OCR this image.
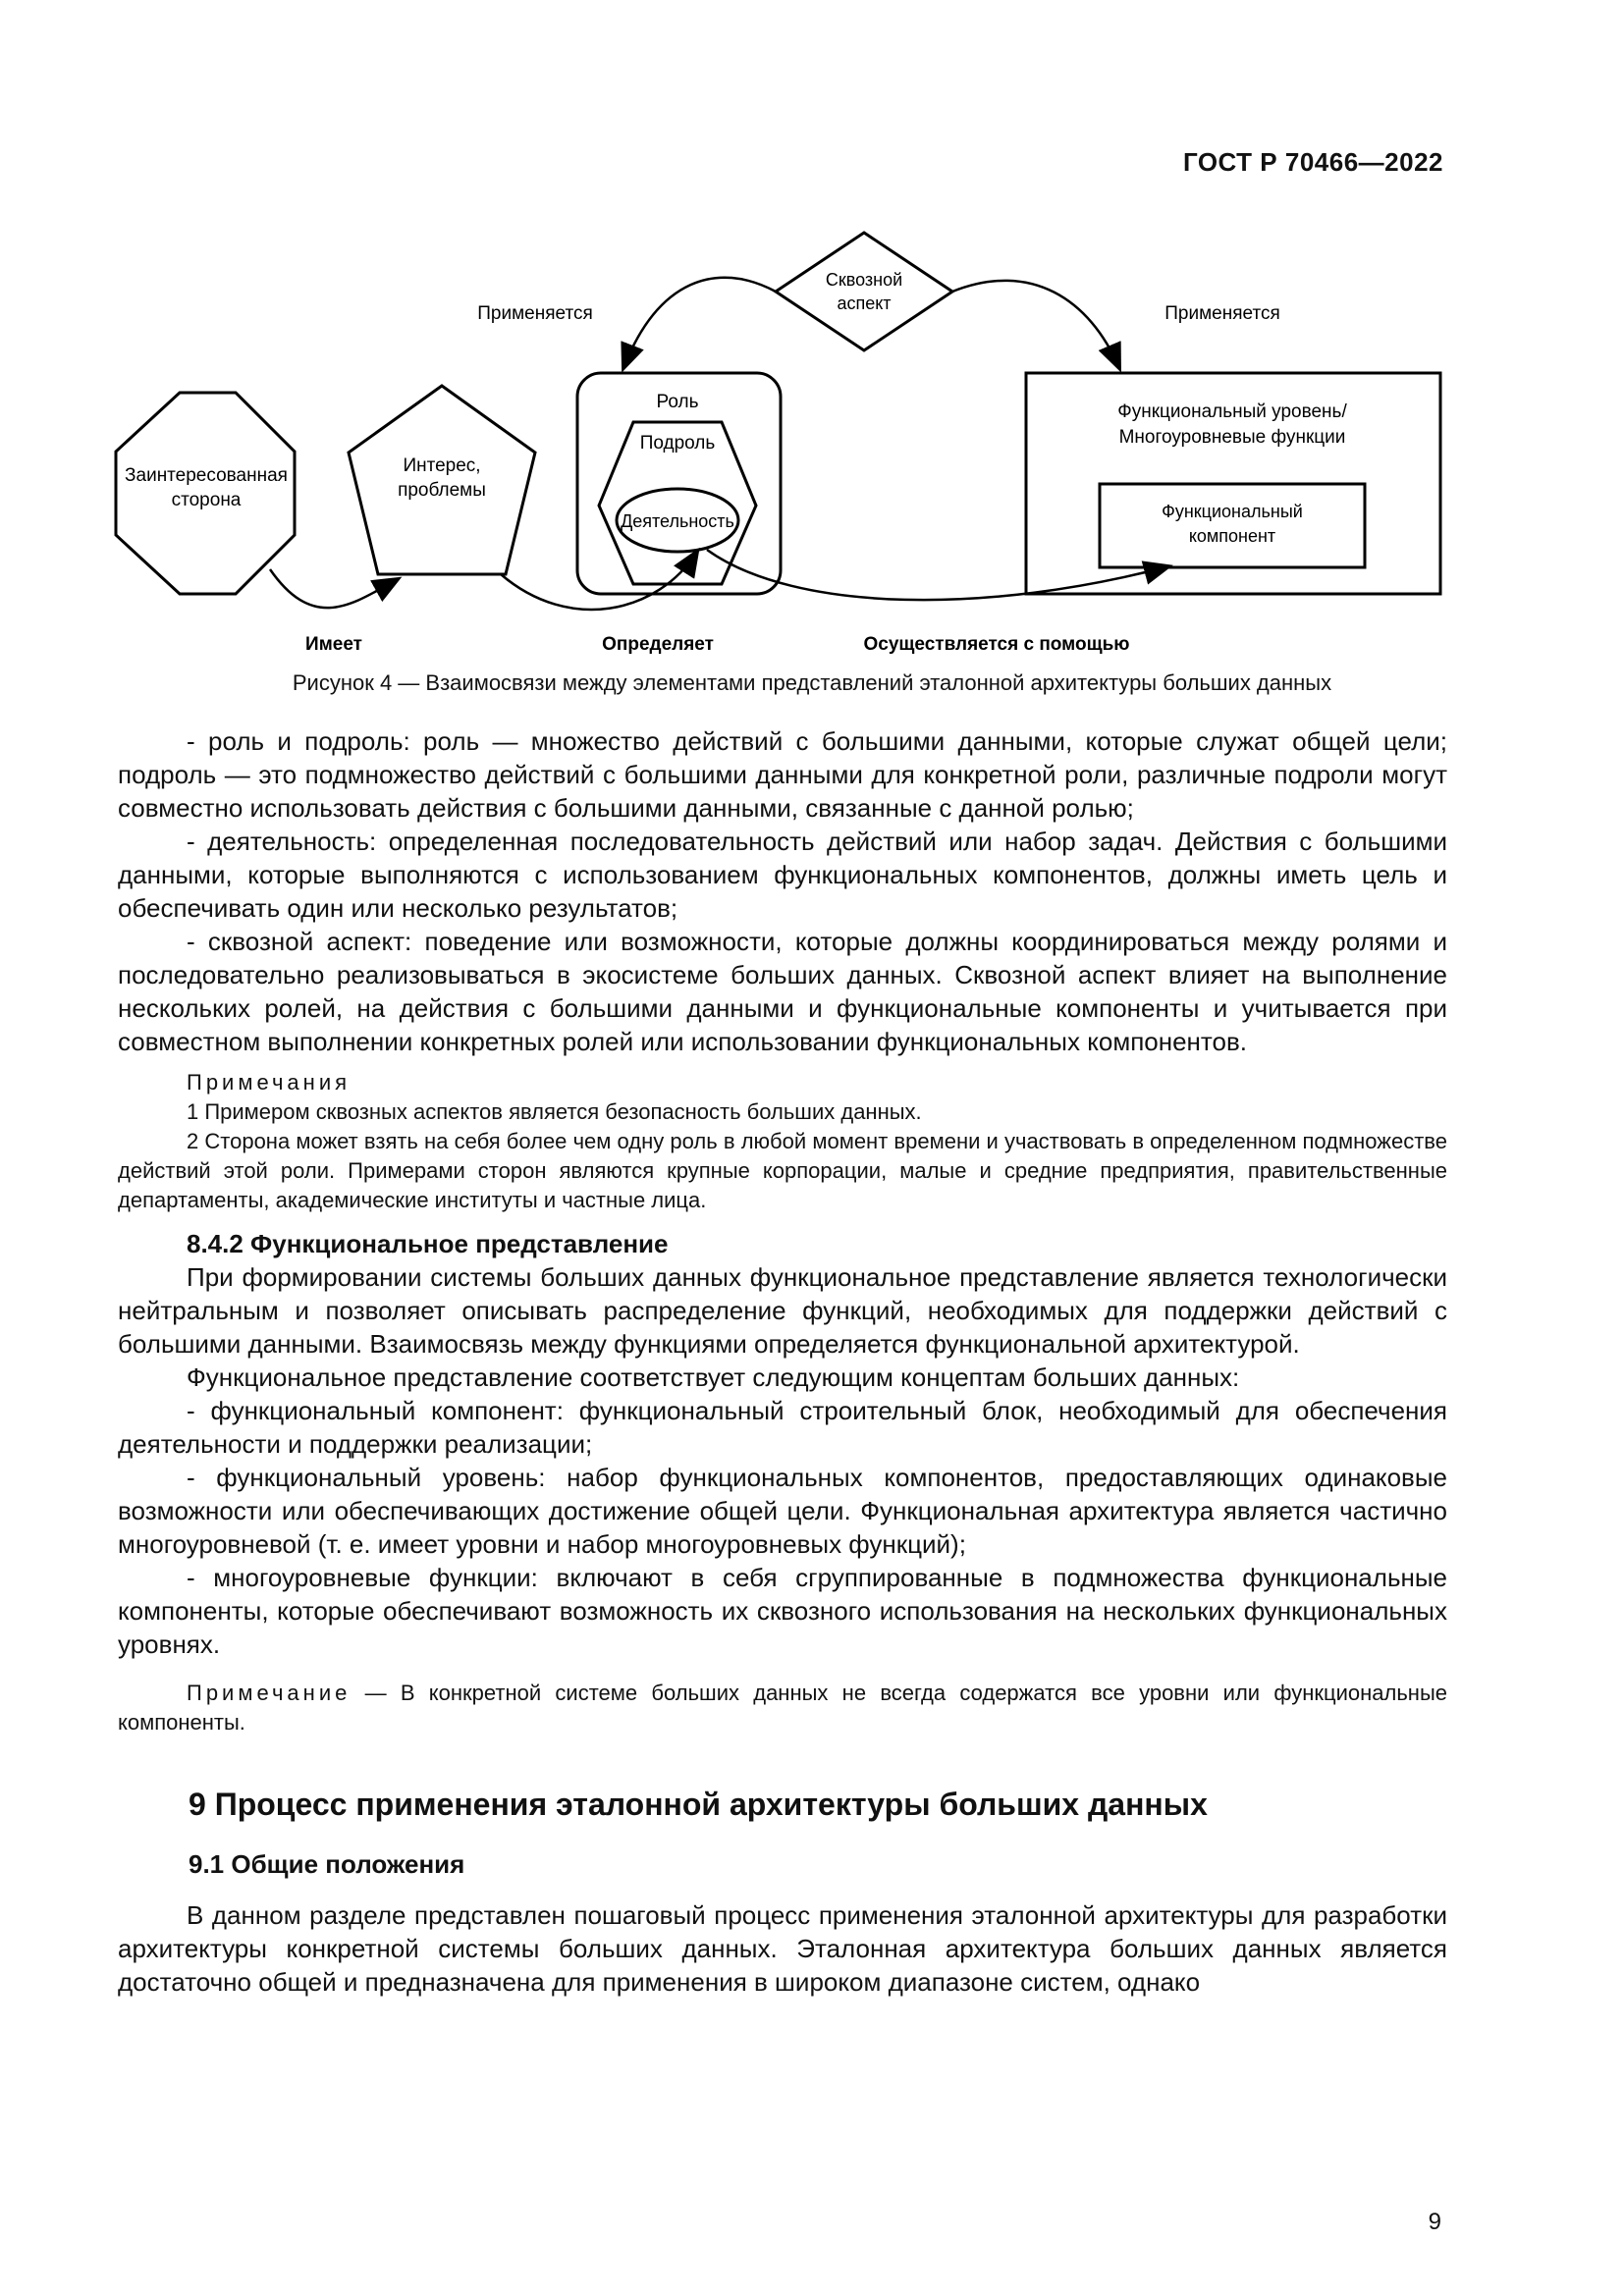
ГОСТ Р 70466—2022
Заинтересованная
сторона
Интерес,
проблемы
Роль
Подроль
Деятельность
Сквозной
аспект
Функциональный уровень/
Многоуровневые функции
Функциональный
компонент
Применяется	Применяется
Имеет	Определяет	Осуществляется с помощью
Рисунок 4 — Взаимосвязи между элементами представлений эталонной архитектуры больших данных

- роль и подроль: роль — множество действий с большими данными, которые служат общей цели; подроль — это подмножество действий с большими данными для конкретной роли, различные подроли могут совместно использовать действия с большими данными, связанные с данной ролью;

- деятельность: определенная последовательность действий или набор задач. Действия с большими данными, которые выполняются с использованием функциональных компонентов, должны иметь цель и обеспечивать один или несколько результатов;

- сквозной аспект: поведение или возможности, которые должны координироваться между ролями и последовательно реализовываться в экосистеме больших данных. Сквозной аспект влияет на выполнение нескольких ролей, на действия с большими данными и функциональные компоненты и учитывается при совместном выполнении конкретных ролей или использовании функциональных компонентов.

Примечания

1 Примером сквозных аспектов является безопасность больших данных.

2 Сторона может взять на себя более чем одну роль в любой момент времени и участвовать в определенном подмножестве действий этой роли. Примерами сторон являются крупные корпорации, малые и средние предприятия, правительственные департаменты, академические институты и частные лица.

8.4.2 Функциональное представление

При формировании системы больших данных функциональное представление является технологически нейтральным и позволяет описывать распределение функций, необходимых для поддержки действий с большими данными. Взаимосвязь между функциями определяется функциональной архитектурой.

Функциональное представление соответствует следующим концептам больших данных:

- функциональный компонент: функциональный строительный блок, необходимый для обеспечения деятельности и поддержки реализации;

- функциональный уровень: набор функциональных компонентов, предоставляющих одинаковые возможности или обеспечивающих достижение общей цели. Функциональная архитектура является частично многоуровневой (т. е. имеет уровни и набор многоуровневых функций);

- многоуровневые функции: включают в себя сгруппированные в подмножества функциональные компоненты, которые обеспечивают возможность их сквозного использования на нескольких функциональных уровнях.

Примечание — В конкретной системе больших данных не всегда содержатся все уровни или функциональные компоненты.

9 Процесс применения эталонной архитектуры больших данных

9.1 Общие положения

В данном разделе представлен пошаговый процесс применения эталонной архитектуры для разработки архитектуры конкретной системы больших данных. Эталонная архитектура больших данных является достаточно общей и предназначена для применения в широком диапазоне систем, однако

9
